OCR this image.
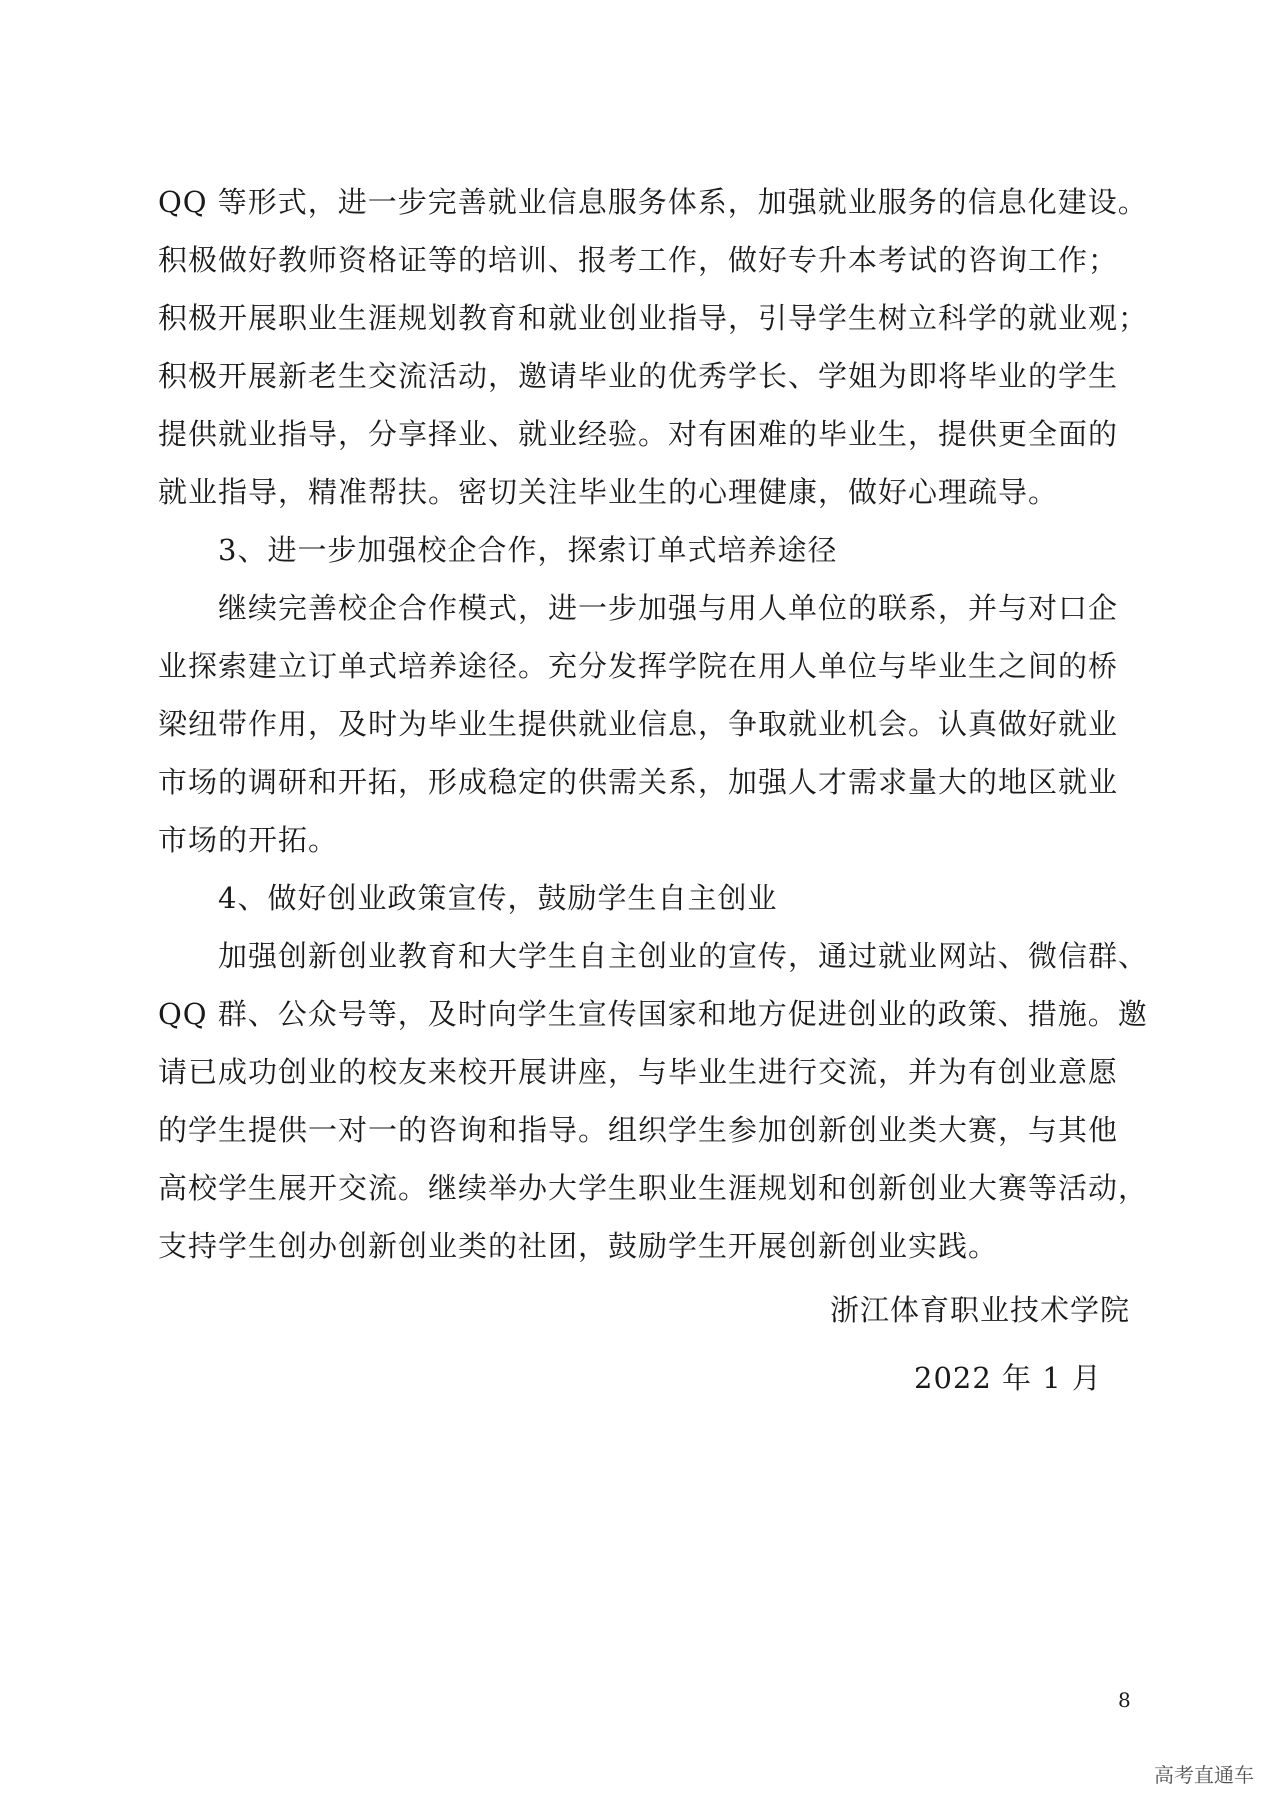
QQ 等形式，进一步完善就业信息服务体系，加强就业服务的信息化建设。
积极做好教师资格证等的培训、报考工作，做好专升本考试的咨询工作；
积极开展职业生涯规划教育和就业创业指导，引导学生树立科学的就业观；
积极开展新老生交流活动，邀请毕业的优秀学长、学姐为即将毕业的学生
提供就业指导，分享择业、就业经验。对有困难的毕业生，提供更全面的
就业指导，精准帮扶。密切关注毕业生的心理健康，做好心理疏导。
3、进一步加强校企合作，探索订单式培养途径
继续完善校企合作模式，进一步加强与用人单位的联系，并与对口企
业探索建立订单式培养途径。充分发挥学院在用人单位与毕业生之间的桥
梁纽带作用，及时为毕业生提供就业信息，争取就业机会。认真做好就业
市场的调研和开拓，形成稳定的供需关系，加强人才需求量大的地区就业
市场的开拓。
4、做好创业政策宣传，鼓励学生自主创业
加强创新创业教育和大学生自主创业的宣传，通过就业网站、微信群、
QQ 群、公众号等，及时向学生宣传国家和地方促进创业的政策、措施。邀
请已成功创业的校友来校开展讲座，与毕业生进行交流，并为有创业意愿
的学生提供一对一的咨询和指导。组织学生参加创新创业类大赛，与其他
高校学生展开交流。继续举办大学生职业生涯规划和创新创业大赛等活动，
支持学生创办创新创业类的社团，鼓励学生开展创新创业实践。
浙江体育职业技术学院
2022 年 1 月
8
高考直通车
